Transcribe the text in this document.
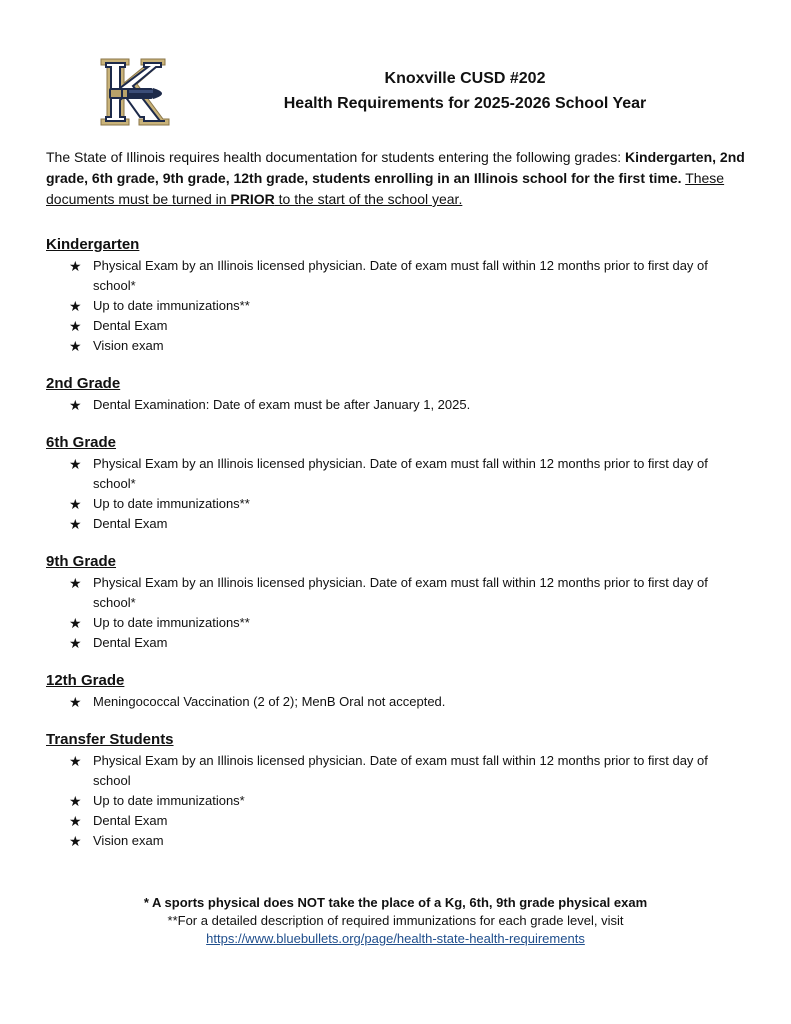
Knoxville CUSD #202
Health Requirements for 2025-2026 School Year
The State of Illinois requires health documentation for students entering the following grades: Kindergarten, 2nd grade, 6th grade, 9th grade, 12th grade, students enrolling in an Illinois school for the first time. These documents must be turned in PRIOR to the start of the school year.
Kindergarten
★ Physical Exam by an Illinois licensed physician. Date of exam must fall within 12 months prior to first day of school*
★ Up to date immunizations**
★ Dental Exam
★ Vision exam
2nd Grade
★ Dental Examination: Date of exam must be after January 1, 2025.
6th Grade
★ Physical Exam by an Illinois licensed physician. Date of exam must fall within 12 months prior to first day of school*
★ Up to date immunizations**
★ Dental Exam
9th Grade
★ Physical Exam by an Illinois licensed physician. Date of exam must fall within 12 months prior to first day of school*
★ Up to date immunizations**
★ Dental Exam
12th Grade
★ Meningococcal Vaccination (2 of 2); MenB Oral not accepted.
Transfer Students
★ Physical Exam by an Illinois licensed physician. Date of exam must fall within 12 months prior to first day of school
★ Up to date immunizations*
★ Dental Exam
★ Vision exam
* A sports physical does NOT take the place of a Kg, 6th, 9th grade physical exam
**For a detailed description of required immunizations for each grade level, visit
https://www.bluebullets.org/page/health-state-health-requirements
